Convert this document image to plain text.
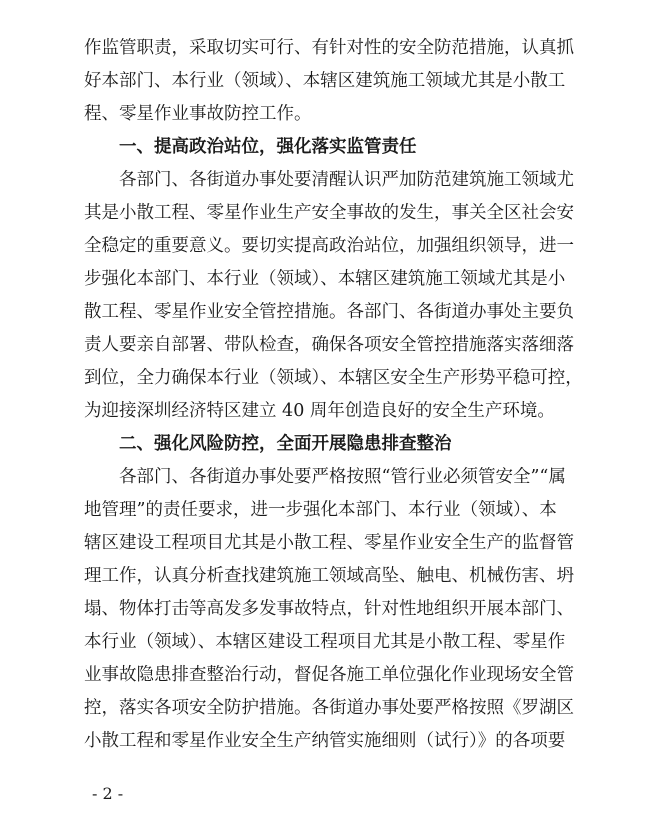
作监管职责，采取切实可行、有针对性的安全防范措施，认真抓
好本部门、本行业（领域）、本辖区建筑施工领域尤其是小散工
程、零星作业事故防控工作。
　　一、提高政治站位，强化落实监管责任
　　各部门、各街道办事处要清醒认识严加防范建筑施工领域尤
其是小散工程、零星作业生产安全事故的发生，事关全区社会安
全稳定的重要意义。要切实提高政治站位，加强组织领导，进一
步强化本部门、本行业（领域）、本辖区建筑施工领域尤其是小
散工程、零星作业安全管控措施。各部门、各街道办事处主要负
责人要亲自部署、带队检查，确保各项安全管控措施落实落细落
到位，全力确保本行业（领域）、本辖区安全生产形势平稳可控，
为迎接深圳经济特区建立 40 周年创造良好的安全生产环境。
　　二、强化风险防控，全面开展隐患排查整治
　　各部门、各街道办事处要严格按照“管行业必须管安全”“属
地管理”的责任要求，进一步强化本部门、本行业（领域）、本
辖区建设工程项目尤其是小散工程、零星作业安全生产的监督管
理工作，认真分析查找建筑施工领域高坠、触电、机械伤害、坍
塌、物体打击等高发多发事故特点，针对性地组织开展本部门、
本行业（领域）、本辖区建设工程项目尤其是小散工程、零星作
业事故隐患排查整治行动，督促各施工单位强化作业现场安全管
控，落实各项安全防护措施。各街道办事处要严格按照《罗湖区
小散工程和零星作业安全生产纳管实施细则（试行）》的各项要
- 2 -
